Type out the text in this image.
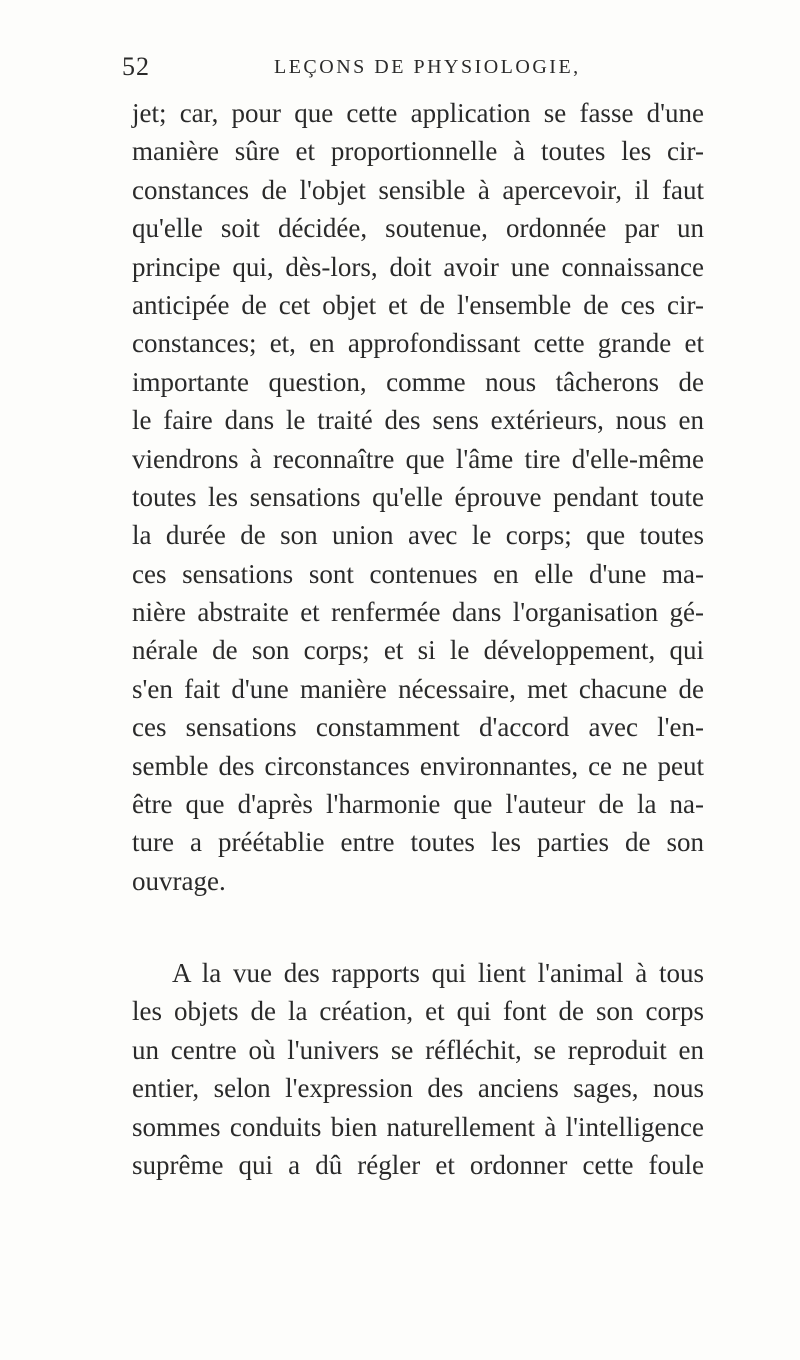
52	LEÇONS DE PHYSIOLOGIE,
jet; car, pour que cette application se fasse d'une
manière sûre et proportionnelle à toutes les cir-
constances de l'objet sensible à apercevoir, il faut
qu'elle soit décidée, soutenue, ordonnée par un
principe qui, dès-lors, doit avoir une connaissance
anticipée de cet objet et de l'ensemble de ces cir-
constances; et, en approfondissant cette grande et
importante question, comme nous tâcherons de
le faire dans le traité des sens extérieurs, nous en
viendrons à reconnaître que l'âme tire d'elle-même
toutes les sensations qu'elle éprouve pendant toute
la durée de son union avec le corps; que toutes
ces sensations sont contenues en elle d'une ma-
nière abstraite et renfermée dans l'organisation gé-
nérale de son corps; et si le développement, qui
s'en fait d'une manière nécessaire, met chacune de
ces sensations constamment d'accord avec l'en-
semble des circonstances environnantes, ce ne peut
être que d'après l'harmonie que l'auteur de la na-
ture a préétablie entre toutes les parties de son
ouvrage.
A la vue des rapports qui lient l'animal à tous
les objets de la création, et qui font de son corps
un centre où l'univers se réfléchit, se reproduit en
entier, selon l'expression des anciens sages, nous
sommes conduits bien naturellement à l'intelligence
suprême qui a dû régler et ordonner cette foule
